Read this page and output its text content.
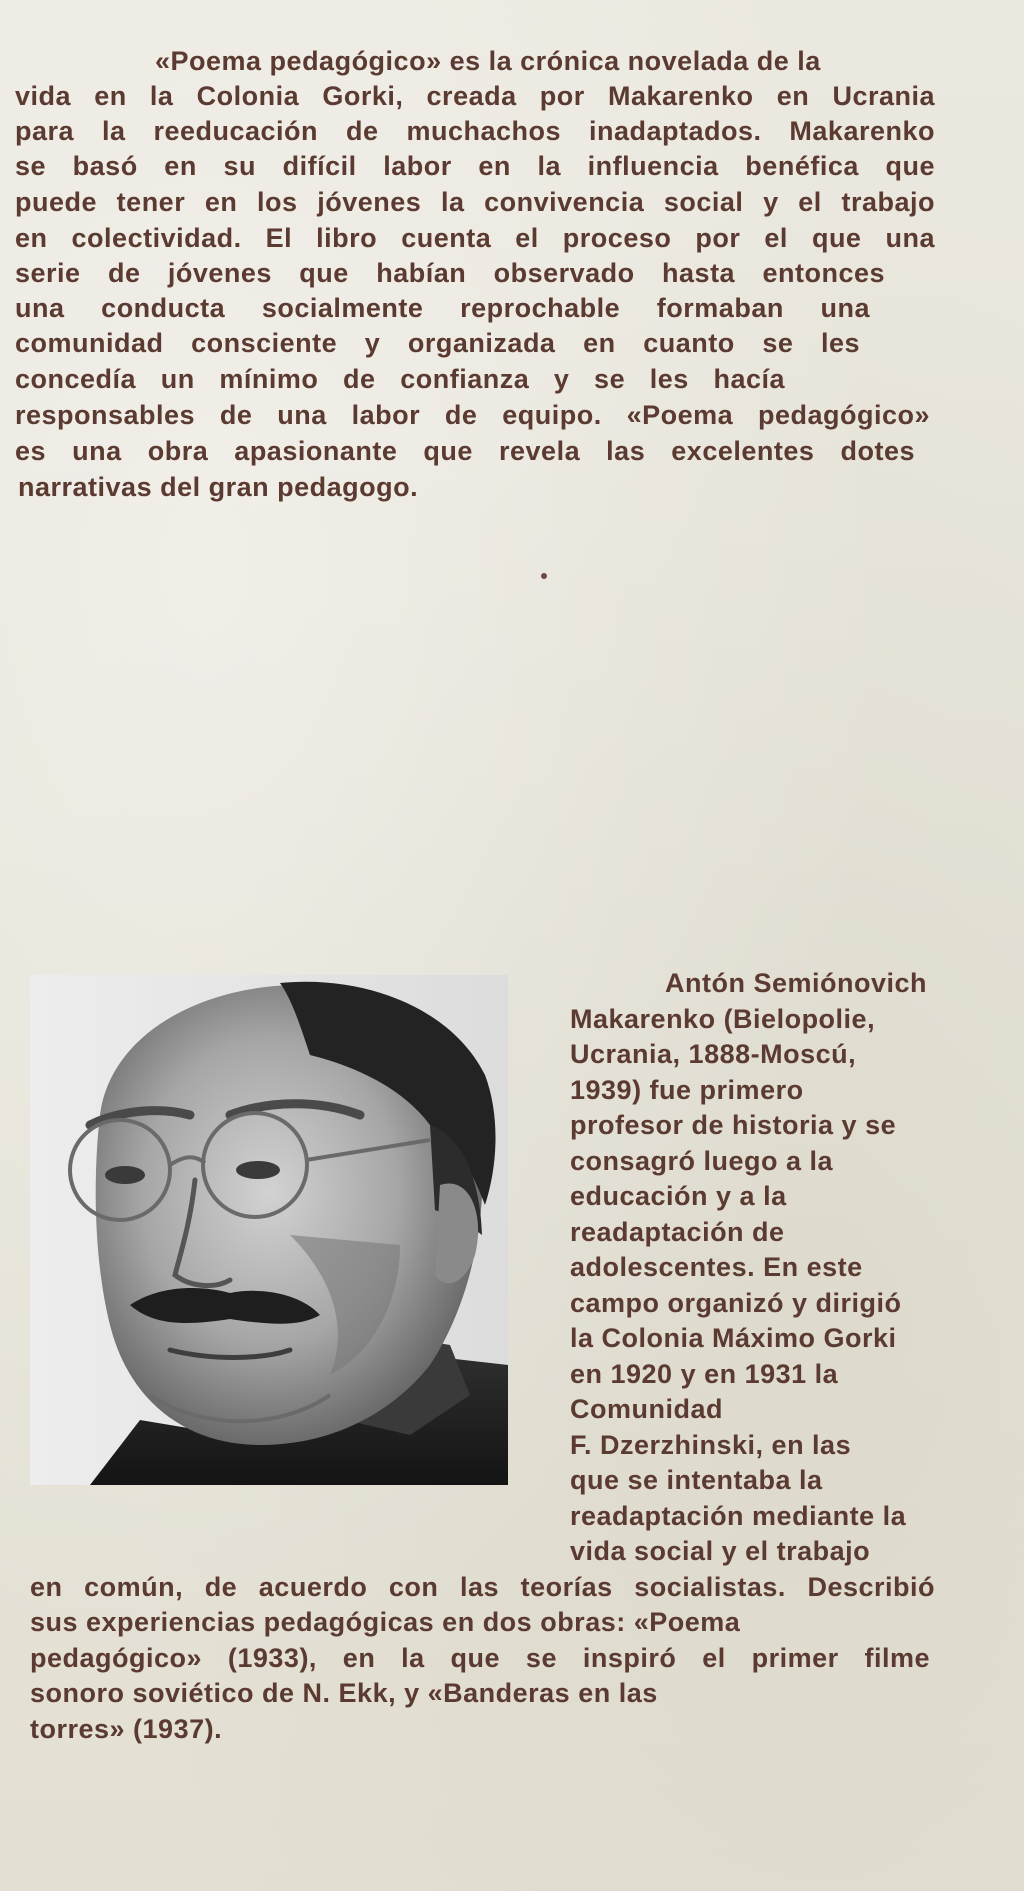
«Poema pedagógico» es la crónica novelada de la
vida en la Colonia Gorki, creada por Makarenko en Ucrania
para la reeducación de muchachos inadaptados. Makarenko
se basó en su difícil labor en la influencia benéfica que
puede tener en los jóvenes la convivencia social y el trabajo
en colectividad. El libro cuenta el proceso por el que una
serie de jóvenes que habían observado hasta entonces
una conducta socialmente reprochable formaban una
comunidad consciente y organizada en cuanto se les
concedía un mínimo de confianza y se les hacía
responsables de una labor de equipo. «Poema pedagógico»
es una obra apasionante que revela las excelentes dotes
narrativas del gran pedagogo.
Antón Semiónovich
Makarenko (Bielopolie,
Ucrania, 1888-Moscú,
1939) fue primero
profesor de historia y se
consagró luego a la
educación y a la
readaptación de
adolescentes. En este
campo organizó y dirigió
la Colonia Máximo Gorki
en 1920 y en 1931 la
Comunidad
F. Dzerzhinski, en las
que se intentaba la
readaptación mediante la
vida social y el trabajo
en común, de acuerdo con las teorías socialistas. Describió
sus experiencias pedagógicas en dos obras: «Poema
pedagógico» (1933), en la que se inspiró el primer filme
sonoro soviético de N. Ekk, y «Banderas en las
torres» (1937).
